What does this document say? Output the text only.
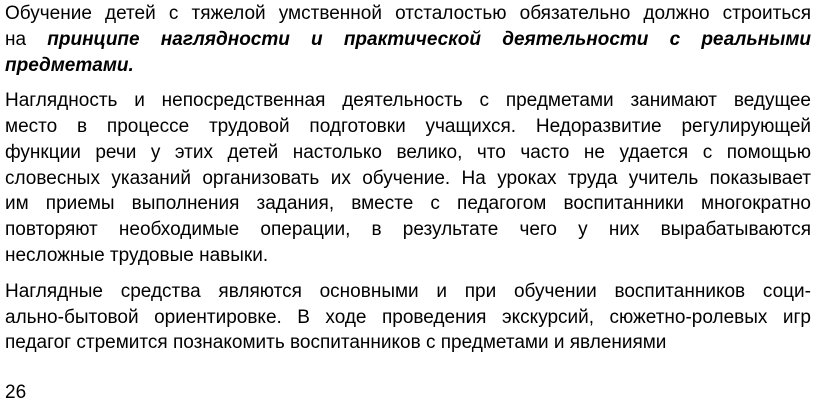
Обучение детей с тяжелой умственной отсталостью обязательно должно строиться
на принципе наглядности и практической деятельности с реальными
предметами.
Наглядность и непосредственная деятельность с предметами занимают ведущее
место в процессе трудовой подготовки учащихся. Недоразвитие регулирующей
функции речи у этих детей настолько велико, что часто не удается с помощью
словесных указаний организовать их обучение. На уроках труда учитель показывает
им приемы выполнения задания, вместе с педагогом воспитанники многократно
повторяют необходимые операции, в результате чего у них вырабатываются
несложные трудовые навыки.
Наглядные средства являются основными и при обучении воспитанников соци-
ально-бытовой ориентировке. В ходе проведения экскурсий, сюжетно-ролевых игр
педагог стремится познакомить воспитанников с предметами и явлениями
26
